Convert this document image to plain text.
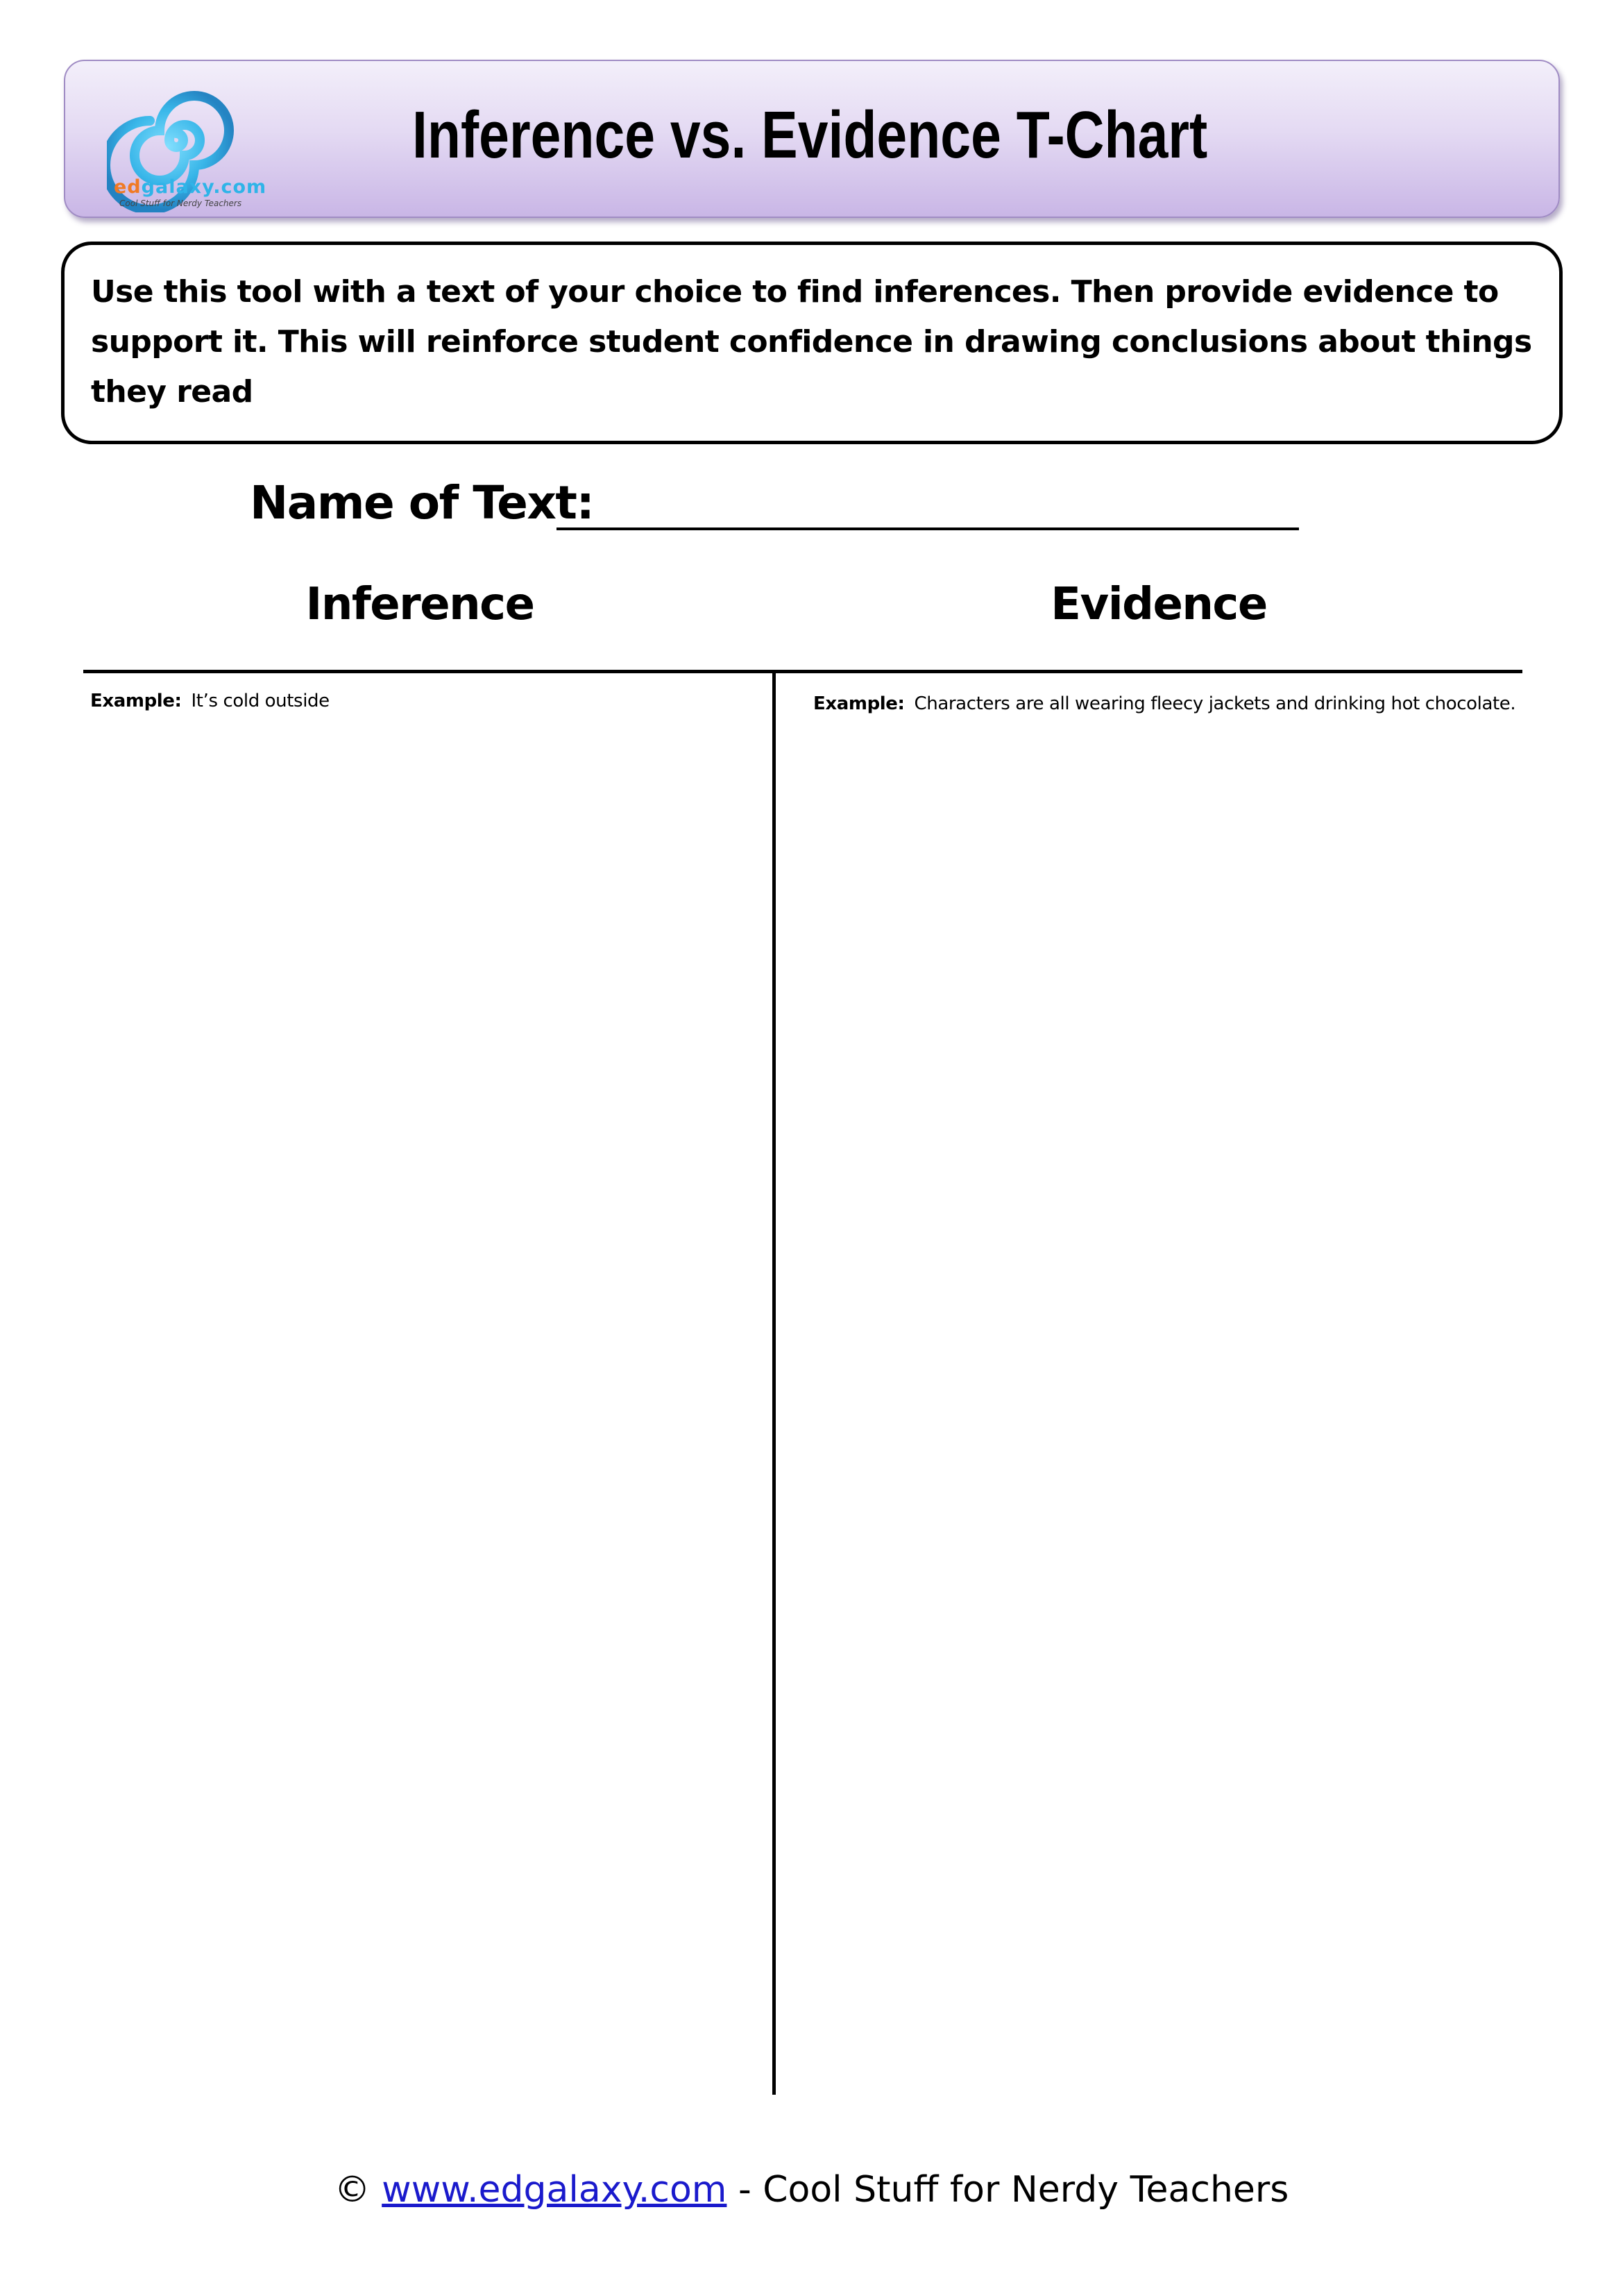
edgalaxy.com
Cool Stuff for Nerdy Teachers
Inference vs. Evidence T-Chart

Use this tool with a text of your choice to find inferences. Then provide evidence to support it. This will reinforce student confidence in drawing conclusions about things they read

Name of Text:
Inference	Evidence
Example: It’s cold outside	Example: Characters are all wearing fleecy jackets and drinking hot chocolate.
© www.edgalaxy.com - Cool Stuff for Nerdy Teachers
